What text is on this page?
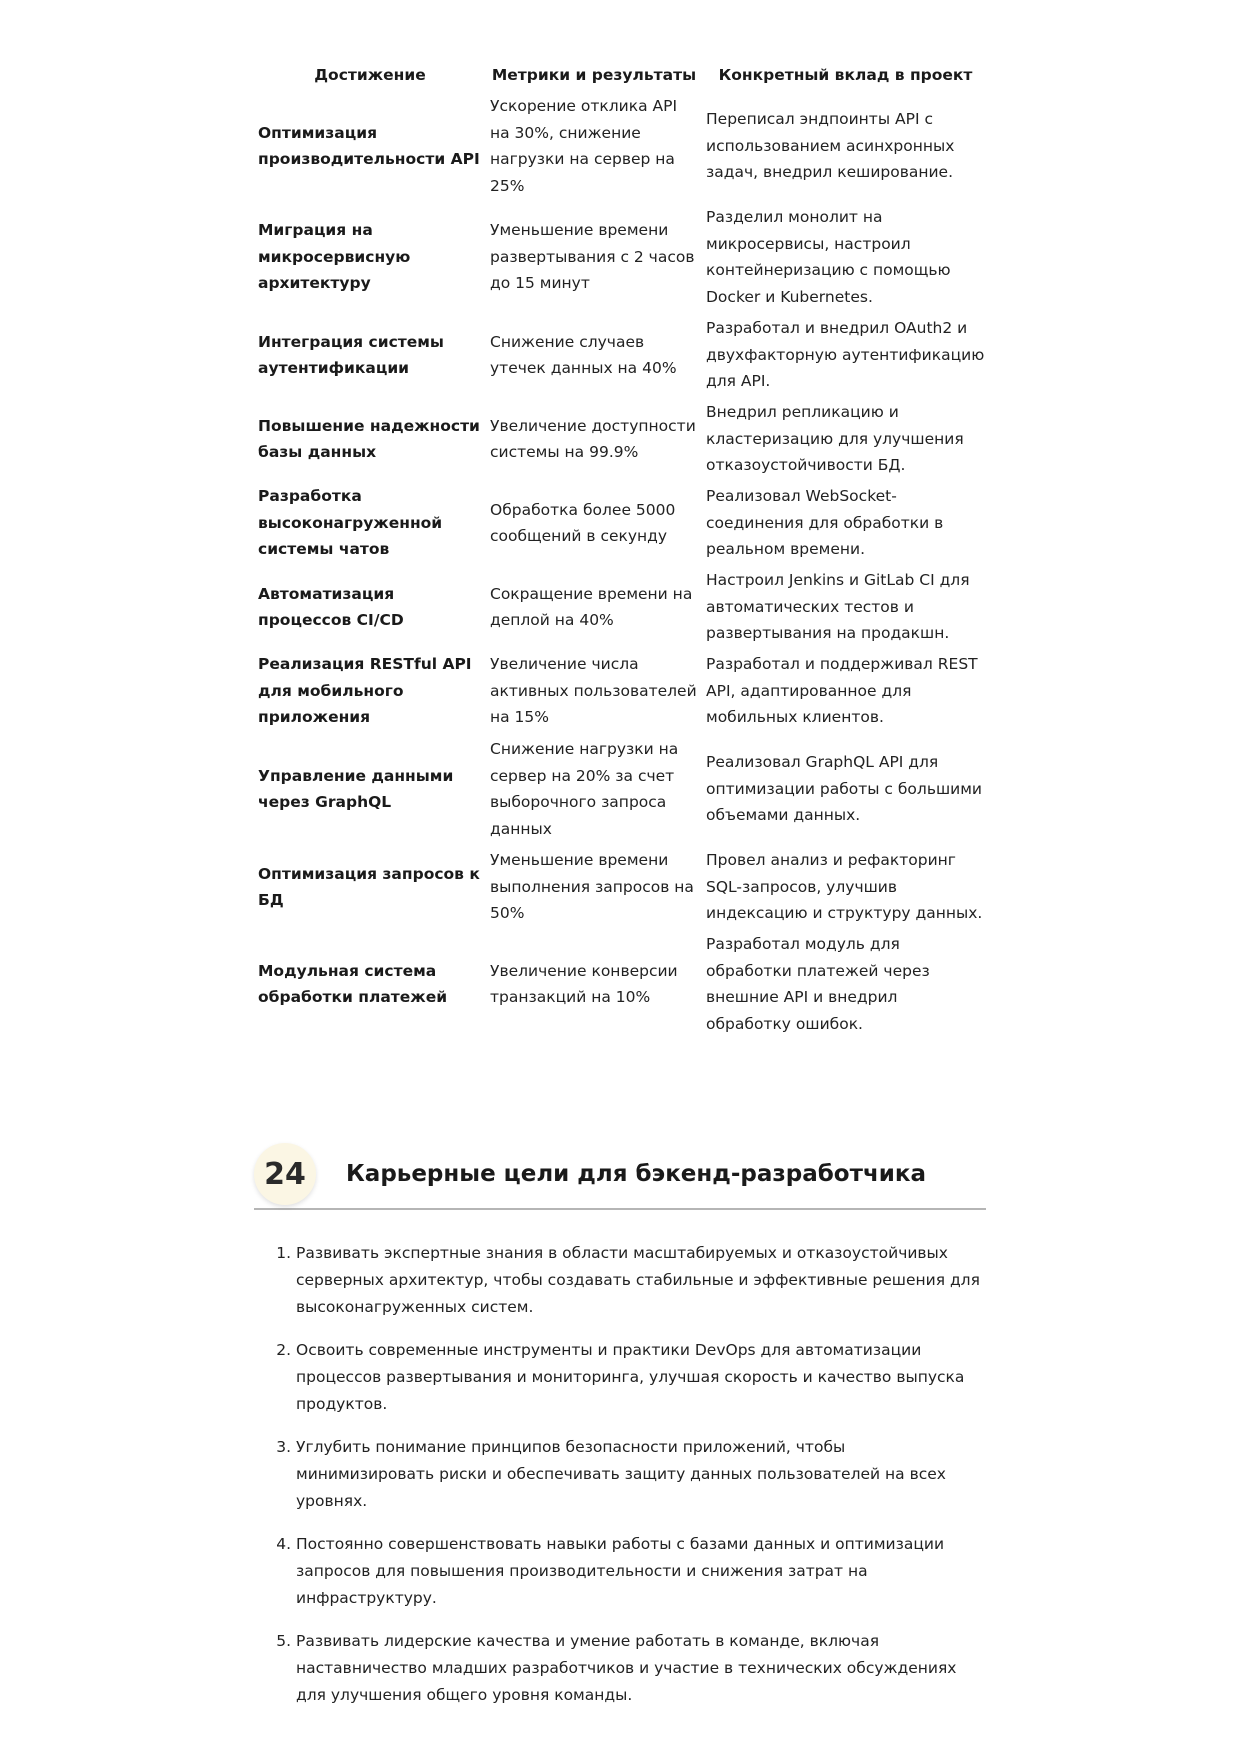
Достижение	Метрики и результаты	Конкретный вклад в проект
Оптимизация производительности API	Ускорение отклика API на 30%, снижение нагрузки на сервер на 25%	Переписал эндпоинты API с использованием асинхронных задач, внедрил кеширование.
Миграция на микросервисную архитектуру	Уменьшение времени развертывания с 2 часов до 15 минут	Разделил монолит на микросервисы, настроил контейнеризацию с помощью Docker и Kubernetes.
Интеграция системы аутентификации	Снижение случаев утечек данных на 40%	Разработал и внедрил OAuth2 и двухфакторную аутентификацию для API.
Повышение надежности базы данных	Увеличение доступности системы на 99.9%	Внедрил репликацию и кластеризацию для улучшения отказоустойчивости БД.
Разработка высоконагруженной системы чатов	Обработка более 5000 сообщений в секунду	Реализовал WebSocket-соединения для обработки в реальном времени.
Автоматизация процессов CI/CD	Сокращение времени на деплой на 40%	Настроил Jenkins и GitLab CI для автоматических тестов и развертывания на продакшн.
Реализация RESTful API для мобильного приложения	Увеличение числа активных пользователей на 15%	Разработал и поддерживал REST API, адаптированное для мобильных клиентов.
Управление данными через GraphQL	Снижение нагрузки на сервер на 20% за счет выборочного запроса данных	Реализовал GraphQL API для оптимизации работы с большими объемами данных.
Оптимизация запросов к БД	Уменьшение времени выполнения запросов на 50%	Провел анализ и рефакторинг SQL-запросов, улучшив индексацию и структуру данных.
Модульная система обработки платежей	Увеличение конверсии транзакций на 10%	Разработал модуль для обработки платежей через внешние API и внедрил обработку ошибок.
24	Карьерные цели для бэкенд-разработчика
1. Развивать экспертные знания в области масштабируемых и отказоустойчивых серверных архитектур, чтобы создавать стабильные и эффективные решения для высоконагруженных систем.
2. Освоить современные инструменты и практики DevOps для автоматизации процессов развертывания и мониторинга, улучшая скорость и качество выпуска продуктов.
3. Углубить понимание принципов безопасности приложений, чтобы минимизировать риски и обеспечивать защиту данных пользователей на всех уровнях.
4. Постоянно совершенствовать навыки работы с базами данных и оптимизации запросов для повышения производительности и снижения затрат на инфраструктуру.
5. Развивать лидерские качества и умение работать в команде, включая наставничество младших разработчиков и участие в технических обсуждениях для улучшения общего уровня команды.
